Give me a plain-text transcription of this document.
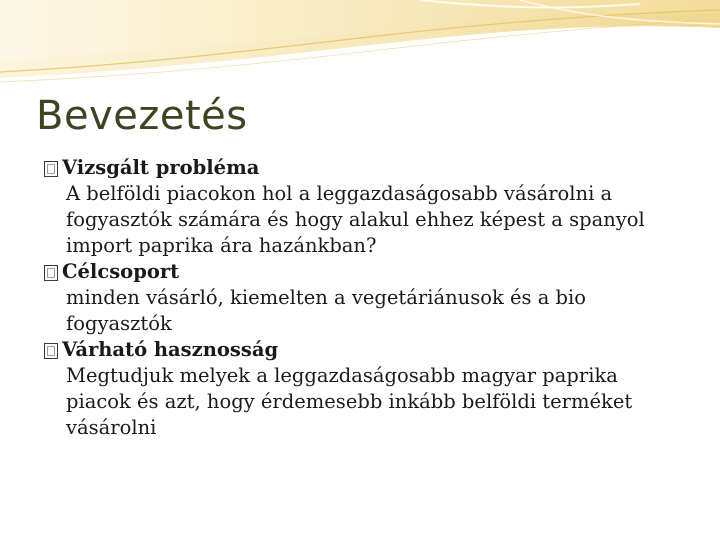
Bevezetés
Vizsgált probléma

A belföldi piacokon hol a leggazdaságosabb vásárolni a

fogyasztók számára és hogy alakul ehhez képest a spanyol

import paprika ára hazánkban?

Célcsoport

minden vásárló, kiemelten a vegetáriánusok és a bio

fogyasztók

Várható hasznosság

Megtudjuk melyek a leggazdaságosabb magyar paprika

piacok és azt, hogy érdemesebb inkább belföldi terméket

vásárolni
